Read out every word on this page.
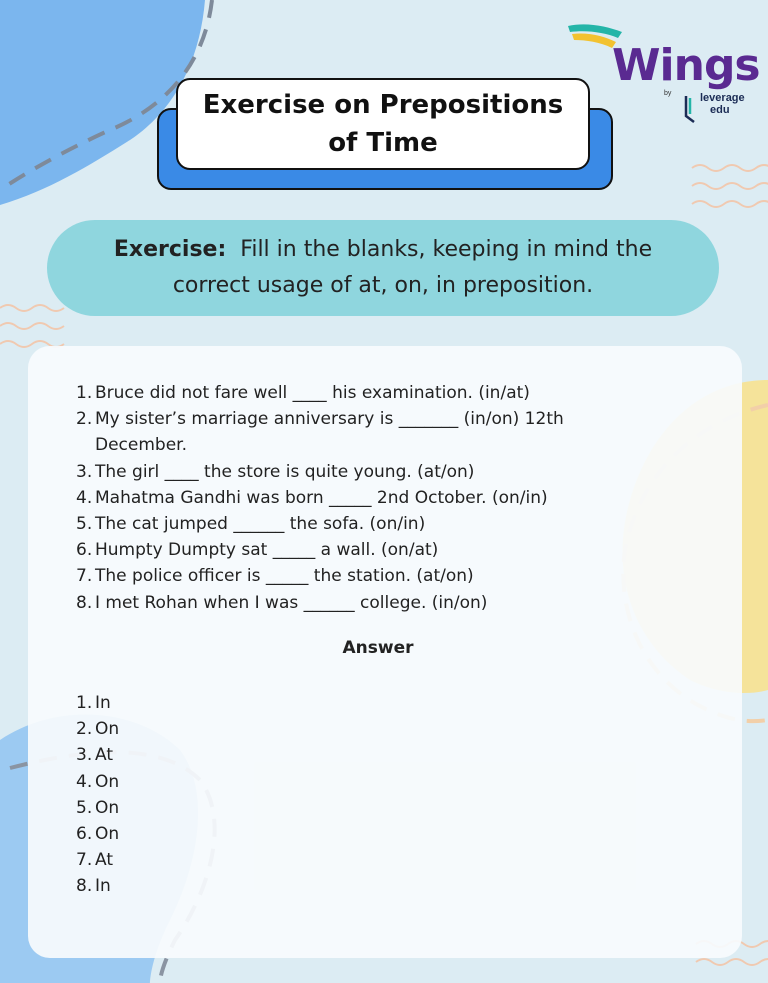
Wings
by	leverage
edu
Exercise on Prepositions of Time
Exercise: Fill in the blanks, keeping in mind the correct usage of at, on, in preposition.
1. Bruce did not fare well ____ his examination. (in/at)
2. My sister’s marriage anniversary is _______ (in/on) 12th December.
3. The girl ____ the store is quite young. (at/on)
4. Mahatma Gandhi was born _____ 2nd October. (on/in)
5. The cat jumped ______ the sofa. (on/in)
6. Humpty Dumpty sat _____ a wall. (on/at)
7. The police officer is _____ the station. (at/on)
8. I met Rohan when I was ______ college. (in/on)
Answer
1. In
2. On
3. At
4. On
5. On
6. On
7. At
8. In
